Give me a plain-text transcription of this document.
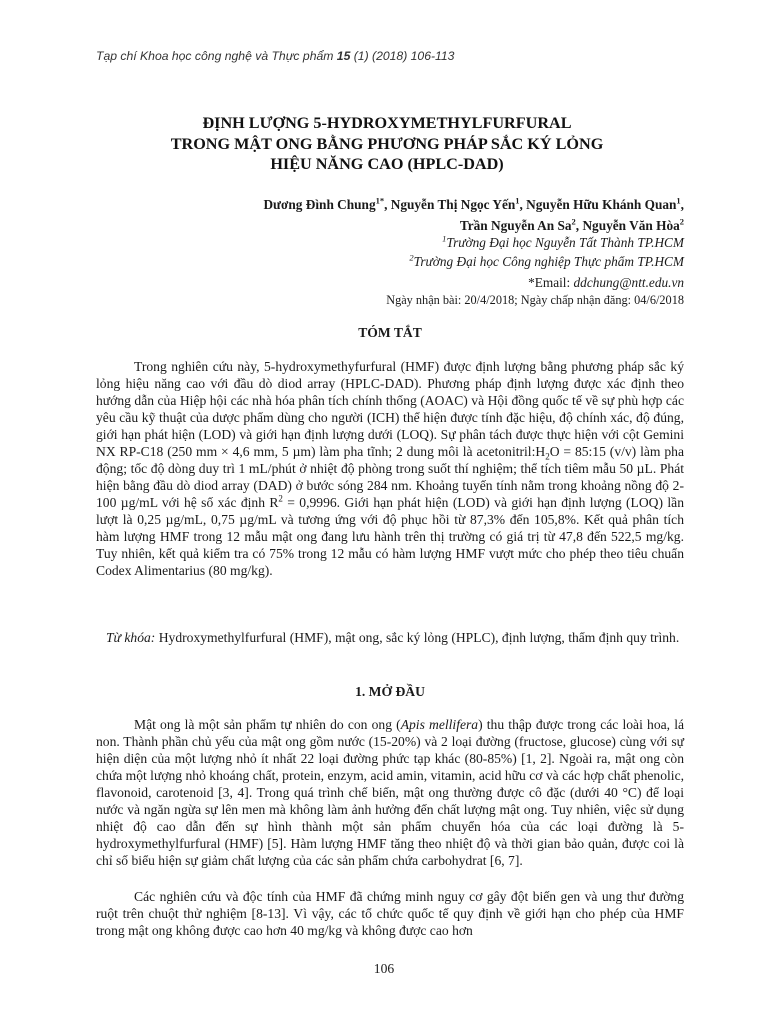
Tạp chí Khoa học công nghệ và Thực phẩm 15 (1) (2018) 106-113
ĐỊNH LƯỢNG 5-HYDROXYMETHYLFURFURAL
TRONG MẬT ONG BẰNG PHƯƠNG PHÁP SẮC KÝ LỎNG
HIỆU NĂNG CAO (HPLC-DAD)
Dương Đình Chung$^{1*}$, Nguyễn Thị Ngọc Yến$^1$, Nguyễn Hữu Khánh Quan$^1$,
Trần Nguyễn An Sa$^2$, Nguyễn Văn Hòa$^2$
$^1$Trường Đại học Nguyễn Tất Thành TP.HCM
$^2$Trường Đại học Công nghiệp Thực phẩm TP.HCM
*Email: ddchung@ntt.edu.vn
Ngày nhận bài: 20/4/2018; Ngày chấp nhận đăng: 04/6/2018
TÓM TẮT
Trong nghiên cứu này, 5-hydroxymethyfurfural (HMF) được định lượng bằng phương pháp sắc ký lỏng hiệu năng cao với đầu dò diod array (HPLC-DAD). Phương pháp định lượng được xác định theo hướng dẫn của Hiệp hội các nhà hóa phân tích chính thống (AOAC) và Hội đồng quốc tế về sự phù hợp các yêu cầu kỹ thuật của dược phẩm dùng cho người (ICH) thể hiện được tính đặc hiệu, độ chính xác, độ đúng, giới hạn phát hiện (LOD) và giới hạn định lượng dưới (LOQ). Sự phân tách được thực hiện với cột Gemini NX RP-C18 (250 mm × 4,6 mm, 5 µm) làm pha tĩnh; 2 dung môi là $acetonitril:H_2O$ = 85:15 (v/v) làm pha động; tốc độ dòng duy trì 1 mL/phút ở nhiệt độ phòng trong suốt thí nghiệm; thể tích tiêm mẫu 50 µL. Phát hiện bằng đầu dò diod array (DAD) ở bước sóng 284 nm. Khoảng tuyến tính nằm trong khoảng nồng độ 2-100 µg/mL với hệ số xác định $R^2 = 0,9996$. Giới hạn phát hiện (LOD) và giới hạn định lượng (LOQ) lần lượt là 0,25 µg/mL, 0,75 µg/mL và tương ứng với độ phục hồi từ 87,3% đến 105,8%. Kết quả phân tích hàm lượng HMF trong 12 mẫu mật ong đang lưu hành trên thị trường có giá trị từ 47,8 đến 522,5 mg/kg. Tuy nhiên, kết quả kiểm tra có 75% trong 12 mẫu có hàm lượng HMF vượt mức cho phép theo tiêu chuẩn Codex Alimentarius (80 mg/kg).
Từ khóa: Hydroxymethylfurfural (HMF), mật ong, sắc ký lỏng (HPLC), định lượng, thẩm định quy trình.
1. MỞ ĐẦU
Mật ong là một sản phẩm tự nhiên do con ong (Apis mellifera) thu thập được trong các loài hoa, lá non. Thành phần chủ yếu của mật ong gồm nước (15-20%) và 2 loại đường (fructose, glucose) cùng với sự hiện diện của một lượng nhỏ ít nhất 22 loại đường phức tạp khác (80-85%) [1, 2]. Ngoài ra, mật ong còn chứa một lượng nhỏ khoáng chất, protein, enzym, acid amin, vitamin, acid hữu cơ và các hợp chất phenolic, flavonoid, carotenoid [3, 4]. Trong quá trình chế biến, mật ong thường được cô đặc (dưới 40 °C) để loại nước và ngăn ngừa sự lên men mà không làm ảnh hưởng đến chất lượng mật ong. Tuy nhiên, việc sử dụng nhiệt độ cao dẫn đến sự hình thành một sản phẩm chuyển hóa của các loại đường là 5-hydroxymethylfurfural (HMF) [5]. Hàm lượng HMF tăng theo nhiệt độ và thời gian bảo quản, được coi là chỉ số biểu hiện sự giảm chất lượng của các sản phẩm chứa carbohydrat [6, 7].
Các nghiên cứu và độc tính của HMF đã chứng minh nguy cơ gây đột biến gen và ung thư đường ruột trên chuột thử nghiệm [8-13]. Vì vậy, các tổ chức quốc tế quy định về giới hạn cho phép của HMF trong mật ong không được cao hơn 40 mg/kg và không được cao hơn
106
